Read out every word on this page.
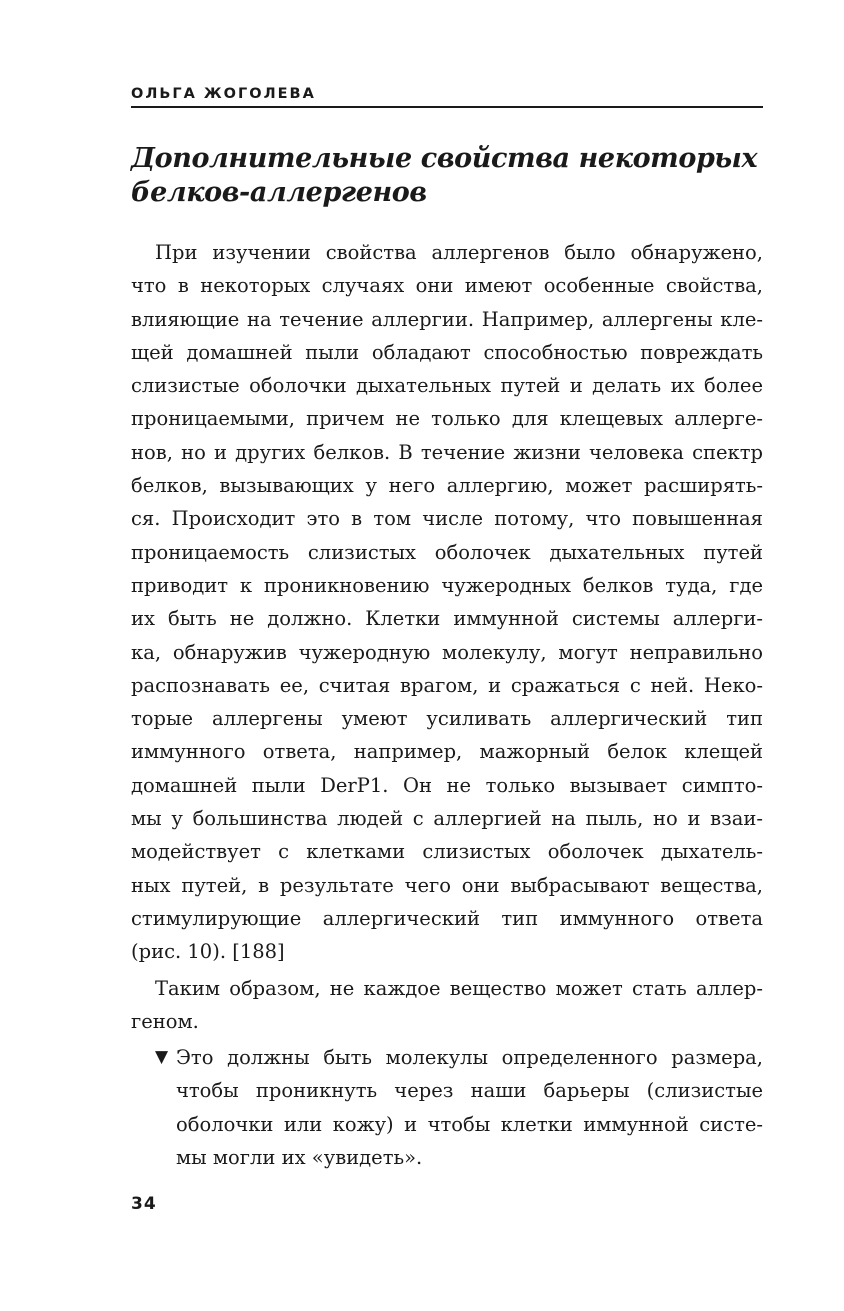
ОЛЬГА ЖОГОЛЕВА
Дополнительные свойства некоторых
белков-аллергенов
При изучении свойства аллергенов было обнаружено,
что в некоторых случаях они имеют особенные свойства,
влияющие на течение аллергии. Например, аллергены кле-
щей домашней пыли обладают способностью повреждать
слизистые оболочки дыхательных путей и делать их более
проницаемыми, причем не только для клещевых аллерге-
нов, но и других белков. В течение жизни человека спектр
белков, вызывающих у него аллергию, может расширять-
ся. Происходит это в том числе потому, что повышенная
проницаемость слизистых оболочек дыхательных путей
приводит к проникновению чужеродных белков туда, где
их быть не должно. Клетки иммунной системы аллерги-
ка, обнаружив чужеродную молекулу, могут неправильно
распознавать ее, считая врагом, и сражаться с ней. Неко-
торые аллергены умеют усиливать аллергический тип
иммунного ответа, например, мажорный белок клещей
домашней пыли DerP1. Он не только вызывает симпто-
мы у большинства людей с аллергией на пыль, но и взаи-
модействует с клетками слизистых оболочек дыхатель-
ных путей, в результате чего они выбрасывают вещества,
стимулирующие аллергический тип иммунного ответа
(рис. 10). [188]
Таким образом, не каждое вещество может стать аллер-
геном.
▼ Это должны быть молекулы определенного размера,
чтобы проникнуть через наши барьеры (слизистые
оболочки или кожу) и чтобы клетки иммунной систе-
мы могли их «увидеть».
34
